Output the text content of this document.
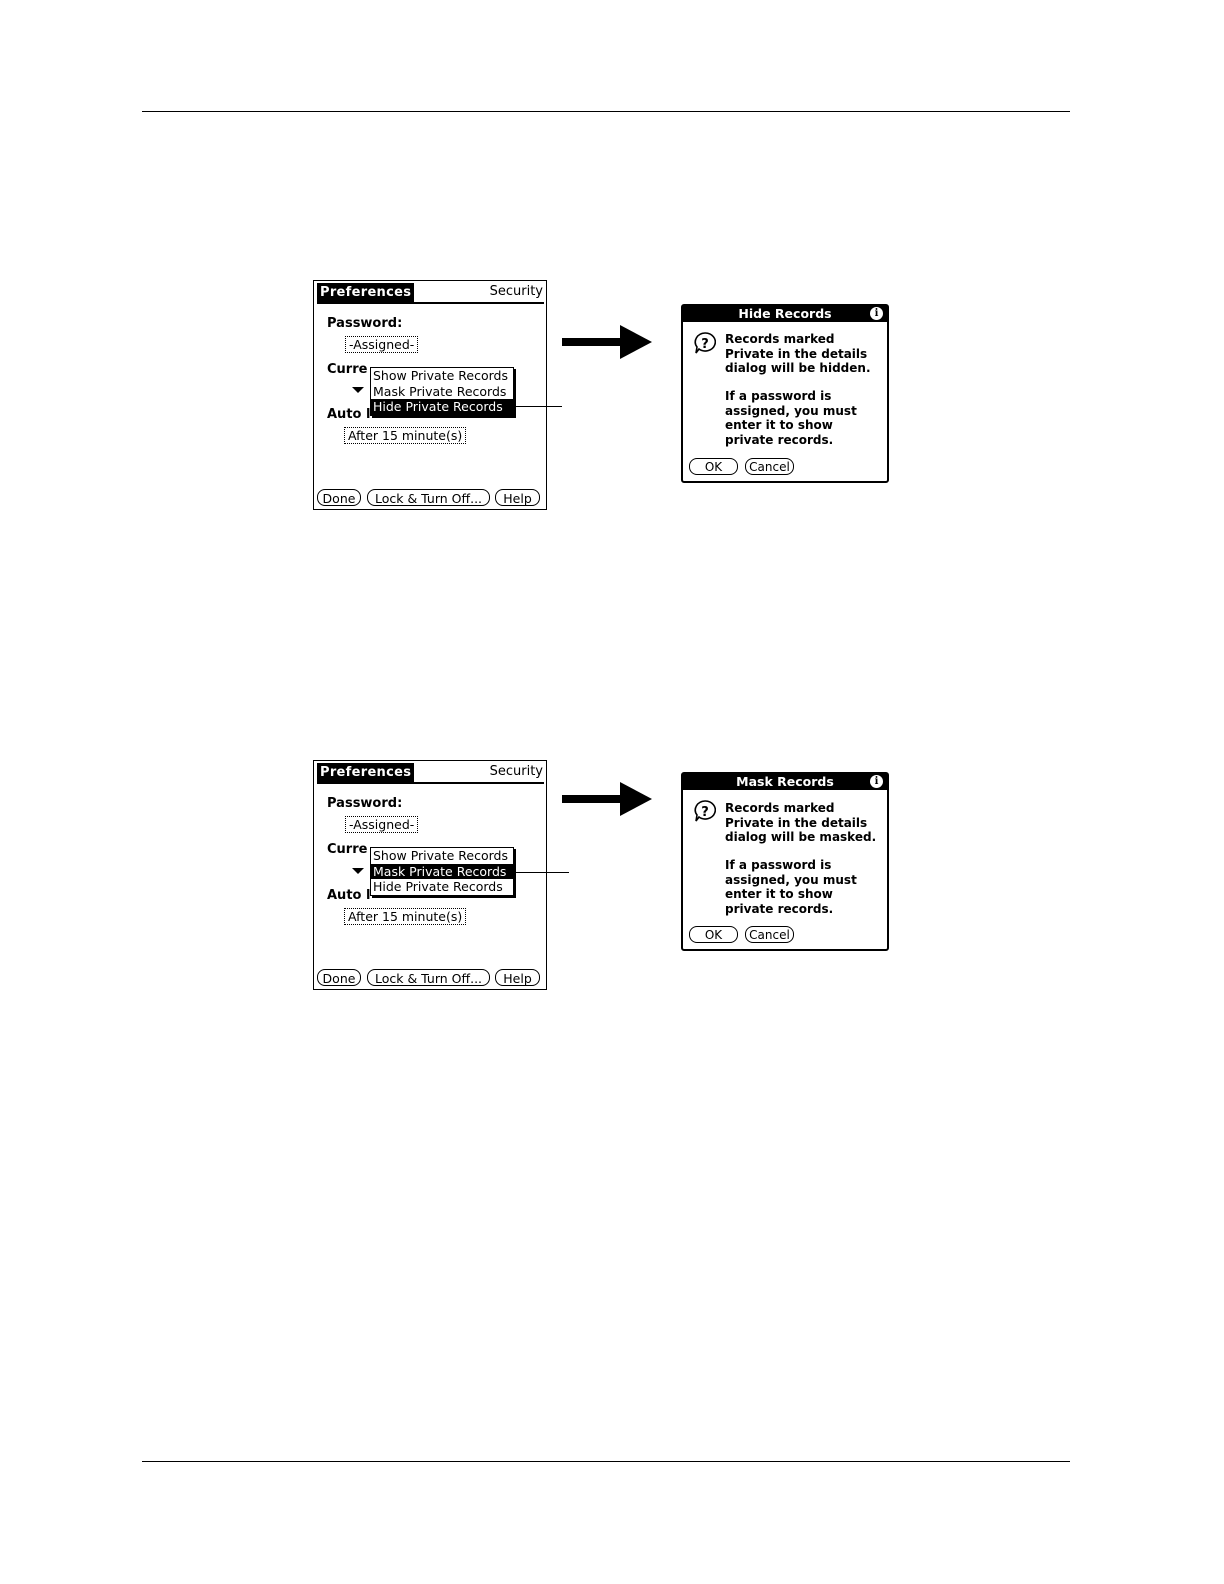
Preferences	Security
Password:
-Assigned-
Curre
Auto l
After 15 minute(s)
Show Private Records
Mask Private Records
Hide Private Records
Done	Lock & Turn Off...	Help
Hide Records	i
? Records marked
Private in the details
dialog will be hidden.
If a password is
assigned, you must
enter it to show
private records.
OK	Cancel
Preferences	Security
Password:
-Assigned-
Curre
Auto l
After 15 minute(s)
Show Private Records
Mask Private Records
Hide Private Records
Done	Lock & Turn Off...	Help
Mask Records	i
? Records marked
Private in the details
dialog will be masked.
If a password is
assigned, you must
enter it to show
private records.
OK	Cancel
